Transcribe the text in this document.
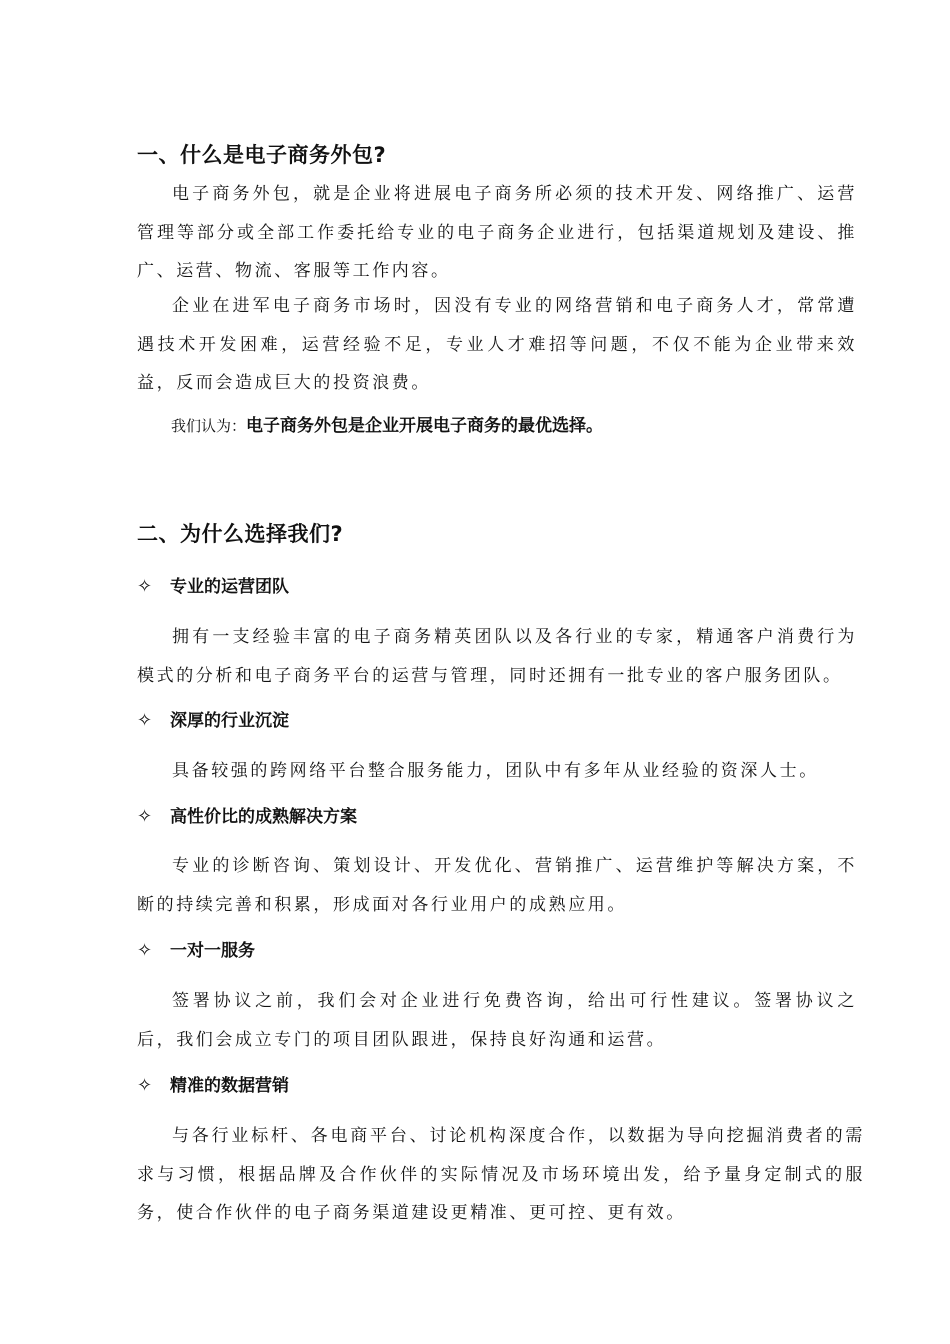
一、什么是电子商务外包?

电子商务外包，就是企业将进展电子商务所必须的技术开发、网络推广、运营管理等部分或全部工作委托给专业的电子商务企业进行，包括渠道规划及建设、推广、运营、物流、客服等工作内容。

企业在进军电子商务市场时，因没有专业的网络营销和电子商务人才，常常遭遇技术开发困难，运营经验不足，专业人才难招等问题，不仅不能为企业带来效益，反而会造成巨大的投资浪费。

我们认为：电子商务外包是企业开展电子商务的最优选择。

二、为什么选择我们?
✧	专业的运营团队

拥有一支经验丰富的电子商务精英团队以及各行业的专家，精通客户消费行为模式的分析和电子商务平台的运营与管理，同时还拥有一批专业的客户服务团队。

✧	深厚的行业沉淀

具备较强的跨网络平台整合服务能力，团队中有多年从业经验的资深人士。

✧	高性价比的成熟解决方案

专业的诊断咨询、策划设计、开发优化、营销推广、运营维护等解决方案，不断的持续完善和积累，形成面对各行业用户的成熟应用。

✧	一对一服务

签署协议之前，我们会对企业进行免费咨询，给出可行性建议。签署协议之后，我们会成立专门的项目团队跟进，保持良好沟通和运营。

✧	精准的数据营销

与各行业标杆、各电商平台、讨论机构深度合作，以数据为导向挖掘消费者的需求与习惯，根据品牌及合作伙伴的实际情况及市场环境出发，给予量身定制式的服务，使合作伙伴的电子商务渠道建设更精准、更可控、更有效。
